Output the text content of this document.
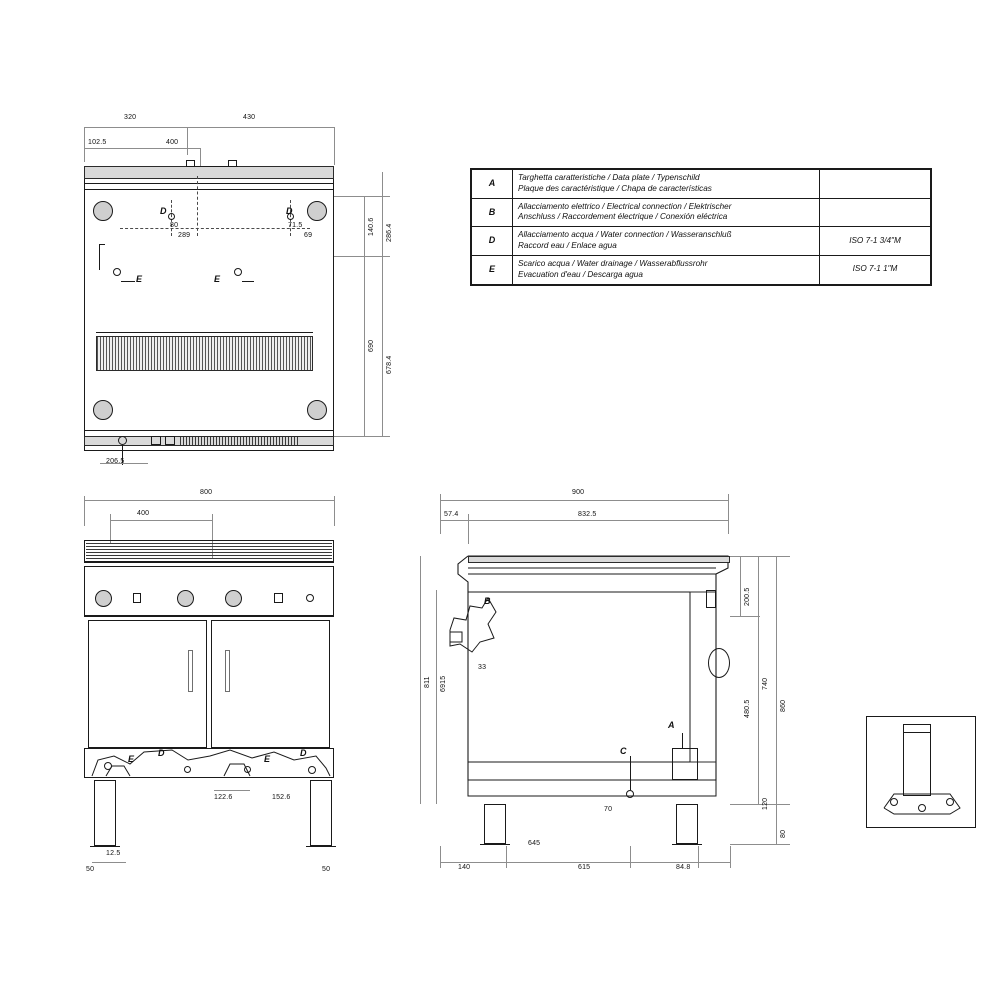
320	430
102.5	400
D	D
E	E
140.6 286.4
690
678.4
206.5
80	71.5
289	69
800
400
D	D
E	E
122.6	152.6
12.5
50	50
900
57.4	832.5
B
33
A
C
200.5
740
860
480.5
120
80
811 6915
140
645
615
70
84.8
A	Targhetta caratteristiche / Data plate / Typenschild
Plaque des caractéristique / Chapa de características	

B	Allacciamento elettrico / Electrical connection / Elektrischer
Anschluss / Raccordement électrique / Conexión eléctrica	

D	Allacciamento acqua / Water connection / Wasseranschluß
Raccord eau / Enlace agua	ISO 7-1 3/4"M
E	Scarico acqua / Water drainage / Wasserabflussrohr
Evacuation d'eau / Descarga agua	ISO 7-1 1"M
